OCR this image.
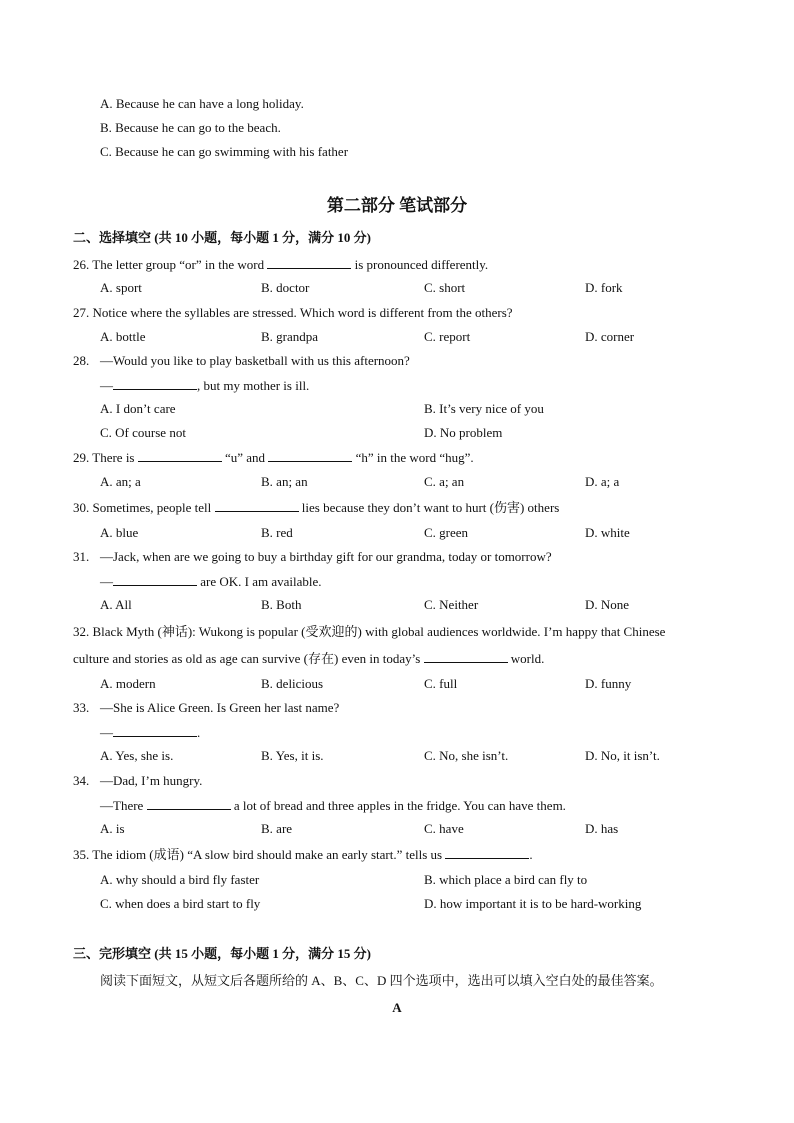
A. Because he can have a long holiday.
B. Because he can go to the beach.
C. Because he can go swimming with his father
第二部分 笔试部分
二、选择填空 (共 10 小题，每小题 1 分，满分 10 分)
26. The letter group “or” in the word	is pronounced differently.
A. sport	B. doctor	C. short	D. fork
27. Notice where the syllables are stressed. Which word is different from the others?
A. bottle	B. grandpa	C. report	D. corner
28. —Would you like to play basketball with us this afternoon?
—	, but my mother is ill.
A. I don’t care	B. It’s very nice of you
C. Of course not	D. No problem
29. There is	“u” and	“h” in the word “hug”.
A. an; a	B. an; an	C. a; an	D. a; a
30. Sometimes, people tell	lies because they don’t want to hurt (伤害) others
A. blue	B. red	C. green	D. white
31. —Jack, when are we going to buy a birthday gift for our grandma, today or tomorrow?
—	are OK. I am available.
A. All	B. Both	C. Neither	D. None
32. Black Myth (神话): Wukong is popular (受欢迎的) with global audiences worldwide. I’m happy that Chinese
culture and stories as old as age can survive (存在) even in today’s	world.
A. modern	B. delicious	C. full	D. funny
33. —She is Alice Green. Is Green her last name?
—	.
A. Yes, she is.	B. Yes, it is.	C. No, she isn’t.	D. No, it isn’t.
34. —Dad, I’m hungry.
—There	a lot of bread and three apples in the fridge. You can have them.
A. is	B. are	C. have	D. has
35. The idiom (成语) “A slow bird should make an early start.” tells us	.
A. why should a bird fly faster	B. which place a bird can fly to
C. when does a bird start to fly	D. how important it is to be hard-working
三、完形填空 (共 15 小题，每小题 1 分，满分 15 分)
阅读下面短文，从短文后各题所给的 A、B、C、D 四个选项中，选出可以填入空白处的最佳答案。
A
